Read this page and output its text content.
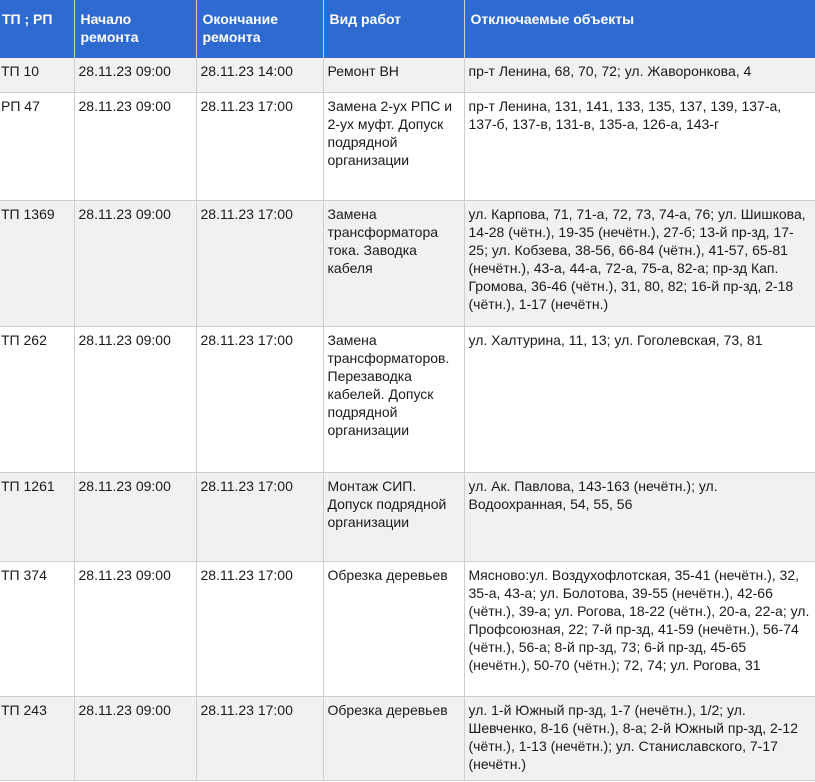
ТП ; РП	Начало ремонта	Окончание ремонта	Вид работ	Отключаемые объекты
ТП 10	28.11.23 09:00	28.11.23 14:00	Ремонт ВН	пр-т Ленина, 68, 70, 72; ул. Жаворонкова, 4
РП 47	28.11.23 09:00	28.11.23 17:00	Замена 2-ух РПС и 2-ух муфт. Допуск подрядной организации	пр-т Ленина, 131, 141, 133, 135, 137, 139, 137-а, 137-б, 137-в, 131-в, 135-а, 126-а, 143-г
ТП 1369	28.11.23 09:00	28.11.23 17:00	Замена трансформатора тока. Заводка кабеля	ул. Карпова, 71, 71-а, 72, 73, 74-а, 76; ул. Шишкова, 14-28 (чётн.), 19-35 (нечётн.), 27-б; 13-й пр-зд, 17-25; ул. Кобзева, 38-56, 66-84 (чётн.), 41-57, 65-81 (нечётн.), 43-а, 44-а, 72-а, 75-а, 82-а; пр-зд Кап. Громова, 36-46 (чётн.), 31, 80, 82; 16-й пр-зд, 2-18 (чётн.), 1-17 (нечётн.)
ТП 262	28.11.23 09:00	28.11.23 17:00	Замена трансформаторов. Перезаводка кабелей. Допуск подрядной организации	ул. Халтурина, 11, 13; ул. Гоголевская, 73, 81
ТП 1261	28.11.23 09:00	28.11.23 17:00	Монтаж СИП. Допуск подрядной организации	ул. Ак. Павлова, 143-163 (нечётн.); ул. Водоохранная, 54, 55, 56
ТП 374	28.11.23 09:00	28.11.23 17:00	Обрезка деревьев	Мясново:ул. Воздухофлотская, 35-41 (нечётн.), 32, 35-а, 43-а; ул. Болотова, 39-55 (нечётн.), 42-66 (чётн.), 39-а; ул. Рогова, 18-22 (чётн.), 20-а, 22-а; ул. Профсоюзная, 22; 7-й пр-зд, 41-59 (нечётн.), 56-74 (чётн.), 56-а; 8-й пр-зд, 73; 6-й пр-зд, 45-65 (нечётн.), 50-70 (чётн.); 72, 74; ул. Рогова, 31
ТП 243	28.11.23 09:00	28.11.23 17:00	Обрезка деревьев	ул. 1-й Южный пр-зд, 1-7 (нечётн.), 1/2; ул. Шевченко, 8-16 (чётн.), 8-а; 2-й Южный пр-зд, 2-12 (чётн.), 1-13 (нечётн.); ул. Станиславского, 7-17 (нечётн.)
